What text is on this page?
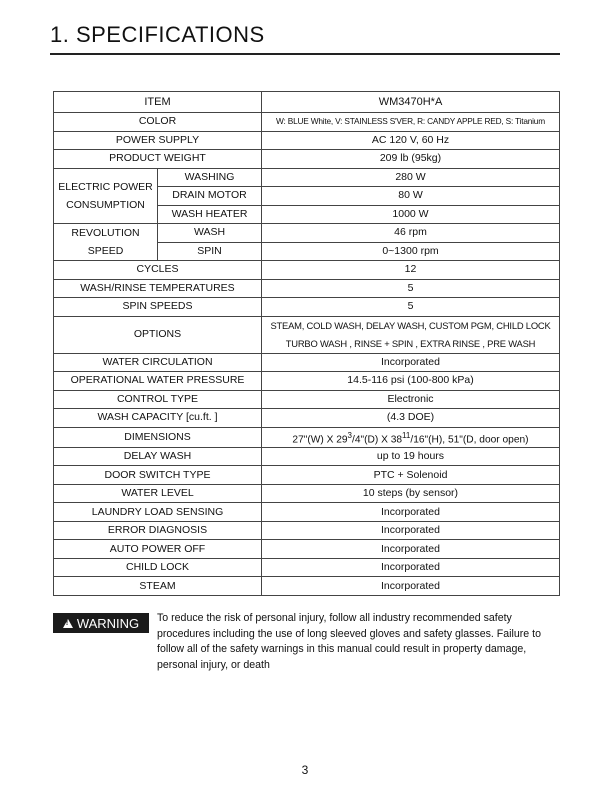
1. SPECIFICATIONS
ITEM		WM3470H*A
COLOR		W: BLUE White, V: STAINLESS S'VER, R: CANDY APPLE RED, S: Titanium
POWER SUPPLY		AC 120 V, 60 Hz
PRODUCT WEIGHT		209 lb (95kg)

ELECTRIC POWER
CONSUMPTION	WASHING	280 W
	DRAIN MOTOR	80 W
	WASH HEATER	1000 W

REVOLUTION
SPEED	WASH	46 rpm
	SPIN	0~1300 rpm
CYCLES		12
WASH/RINSE TEMPERATURES		5
SPIN SPEEDS		5
OPTIONS		STEAM, COLD WASH, DELAY WASH, CUSTOM PGM, CHILD LOCK
TURBO WASH , RINSE + SPIN , EXTRA RINSE , PRE WASH

WATER CIRCULATION		Incorporated
OPERATIONAL WATER PRESSURE		14.5-116 psi (100-800 kPa)
CONTROL TYPE		Electronic
WASH CAPACITY [cu.ft. ]		(4.3 DOE)
DIMENSIONS		27"(W) X $29^3/4"(D)$ X $38^{11}/16"(H)$, 51"(D, door open)
DELAY WASH		up to 19 hours
DOOR SWITCH TYPE		PTC + Solenoid
WATER LEVEL		10 steps (by sensor)
LAUNDRY LOAD SENSING		Incorporated
ERROR DIAGNOSIS		Incorporated
AUTO POWER OFF		Incorporated
CHILD LOCK		Incorporated
STEAM		Incorporated
!
WARNING To reduce the risk of personal injury, follow all industry recommended safety procedures including the use of long sleeved gloves and safety glasses. Failure to follow all of the safety warnings in this manual could result in property damage, personal injury, or death

3
